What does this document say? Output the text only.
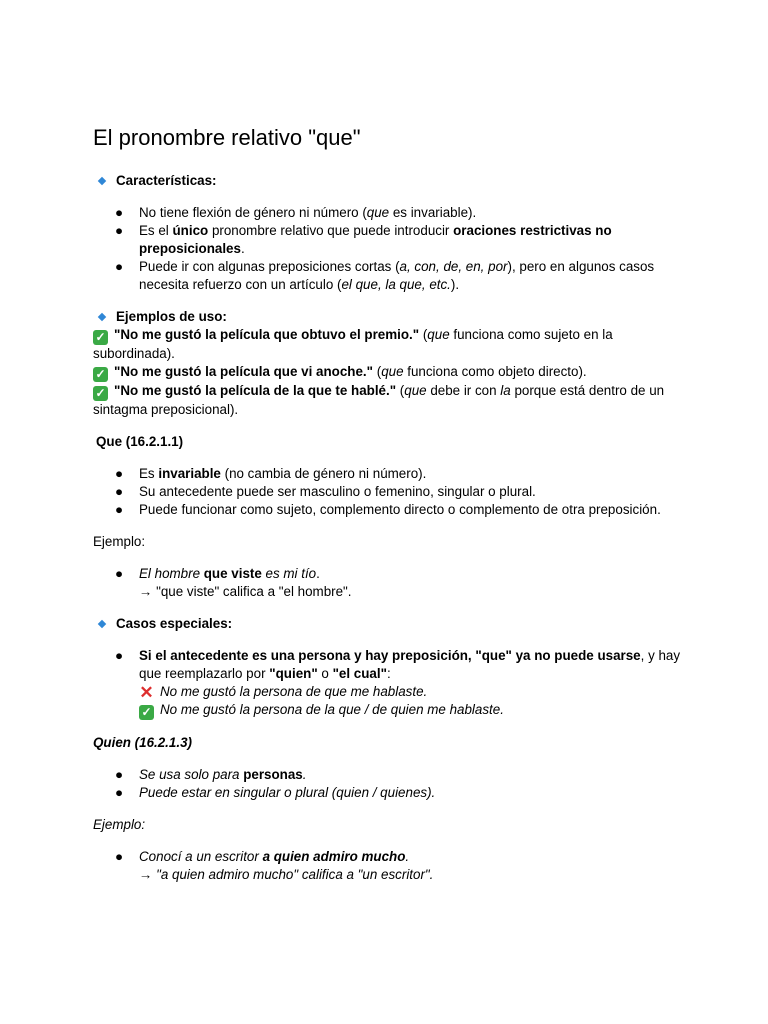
El pronombre relativo "que"
Características:
● No tiene flexión de género ni número (que es invariable).
● Es el único pronombre relativo que puede introducir oraciones restrictivas no preposicionales.
● Puede ir con algunas preposiciones cortas (a, con, de, en, por), pero en algunos casos necesita refuerzo con un artículo (el que, la que, etc.).
Ejemplos de uso:

✓ "No me gustó la película que obtuvo el premio." (que funciona como sujeto en la subordinada).

✓ "No me gustó la película que vi anoche." (que funciona como objeto directo).

✓ "No me gustó la película de la que te hablé." (que debe ir con la porque está dentro de un sintagma preposicional).

Que (16.2.1.1)

● Es invariable (no cambia de género ni número).
● Su antecedente puede ser masculino o femenino, singular o plural.
● Puede funcionar como sujeto, complemento directo o complemento de otra preposición.

Ejemplo:

● El hombre que viste es mi tío.
→ "que viste" califica a "el hombre".
Casos especiales:
● Si el antecedente es una persona y hay preposición, "que" ya no puede usarse, y hay que reemplazarlo por "quien" o "el cual":
✕ No me gustó la persona de que me hablaste.
✓ No me gustó la persona de la que / de quien me hablaste.

Quien (16.2.1.3)

● Se usa solo para personas.
● Puede estar en singular o plural (quien / quienes).

Ejemplo:

● Conocí a un escritor a quien admiro mucho.
→ "a quien admiro mucho" califica a "un escritor".
